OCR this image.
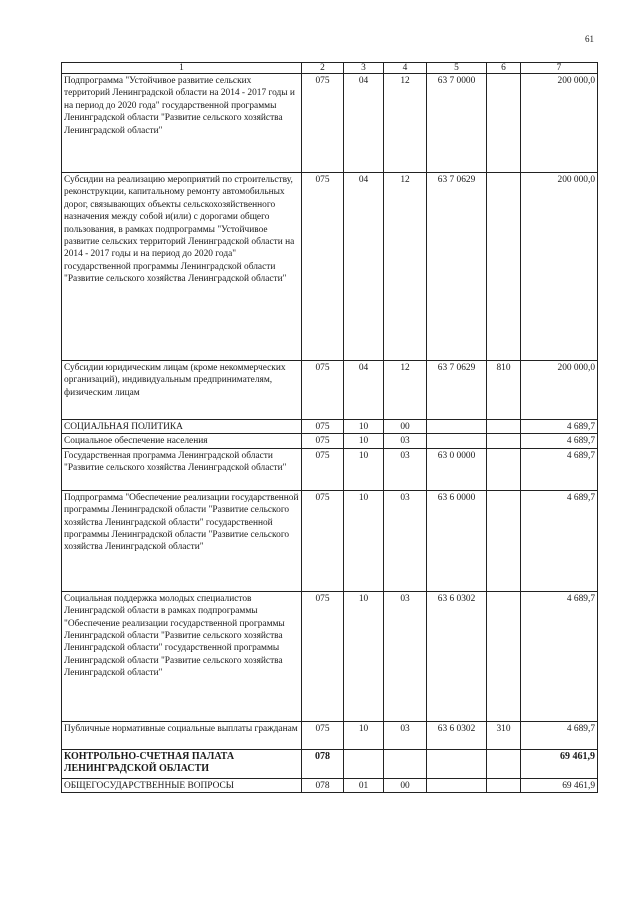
61
1	2	3	4	5	6	7
Подпрограмма "Устойчивое развитие сельских территорий Ленинградской области на 2014 - 2017 годы и на период до 2020 года" государственной программы Ленинградской области "Развитие сельского хозяйства Ленинградской области"	075	04	12	63 7 0000		200 000,0
Субсидии на реализацию мероприятий по строительству, реконструкции, капитальному ремонту автомобильных дорог, связывающих объекты сельскохозяйственного назначения между собой и(или) с дорогами общего пользования, в рамках подпрограммы "Устойчивое развитие сельских территорий Ленинградской области на 2014 - 2017 годы и на период до 2020 года" государственной программы Ленинградской области "Развитие сельского хозяйства Ленинградской области"	075	04	12	63 7 0629		200 000,0
Субсидии юридическим лицам (кроме некоммерческих организаций), индивидуальным предпринимателям, физическим лицам	075	04	12	63 7 0629	810	200 000,0
СОЦИАЛЬНАЯ ПОЛИТИКА	075	10	00			4 689,7
Социальное обеспечение населения	075	10	03			4 689,7
Государственная программа Ленинградской области "Развитие сельского хозяйства Ленинградской области"	075	10	03	63 0 0000		4 689,7
Подпрограмма "Обеспечение реализации государственной программы Ленинградской области "Развитие сельского хозяйства Ленинградской области" государственной программы Ленинградской области "Развитие сельского хозяйства Ленинградской области"	075	10	03	63 6 0000		4 689,7
Социальная поддержка молодых специалистов Ленинградской области в рамках подпрограммы "Обеспечение реализации государственной программы Ленинградской области "Развитие сельского хозяйства Ленинградской области" государственной программы Ленинградской области "Развитие сельского хозяйства Ленинградской области"	075	10	03	63 6 0302		4 689,7
Публичные нормативные социальные выплаты гражданам	075	10	03	63 6 0302	310	4 689,7
КОНТРОЛЬНО-СЧЕТНАЯ ПАЛАТА ЛЕНИНГРАДСКОЙ ОБЛАСТИ	078					69 461,9
ОБЩЕГОСУДАРСТВЕННЫЕ ВОПРОСЫ	078	01	00			69 461,9
